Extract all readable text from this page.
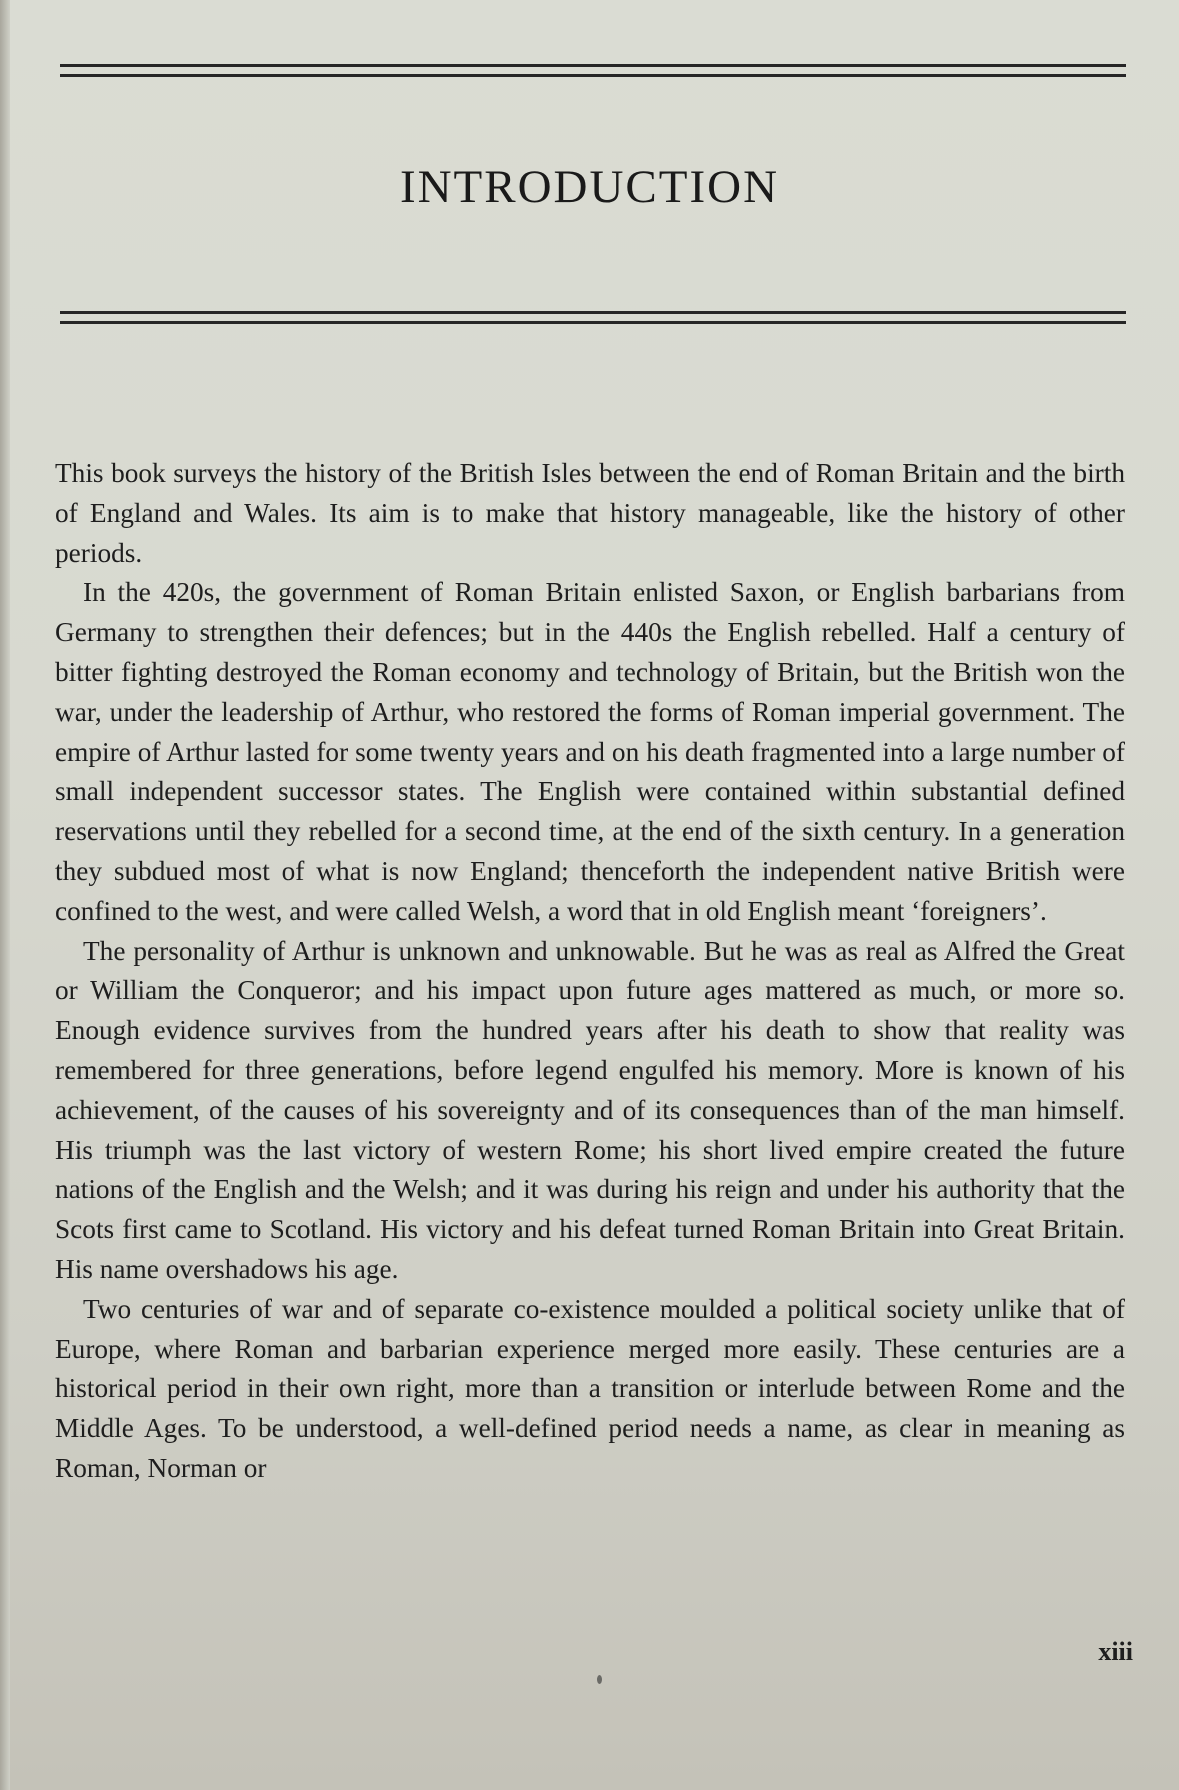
INTRODUCTION

This book surveys the history of the British Isles between the end of Roman Britain and the birth of England and Wales. Its aim is to make that history manageable, like the history of other periods.

In the 420s, the government of Roman Britain enlisted Saxon, or English barbarians from Germany to strengthen their defences; but in the 440s the English rebelled. Half a century of bitter fighting destroyed the Roman economy and technology of Britain, but the British won the war, under the leadership of Arthur, who restored the forms of Roman imperial government. The empire of Arthur lasted for some twenty years and on his death fragmented into a large number of small independent successor states. The English were contained within substantial defined reservations until they rebelled for a second time, at the end of the sixth century. In a generation they subdued most of what is now England; thenceforth the independent native British were confined to the west, and were called Welsh, a word that in old English meant ‘foreigners’.

The personality of Arthur is unknown and unknowable. But he was as real as Alfred the Great or William the Conqueror; and his impact upon future ages mattered as much, or more so. Enough evidence survives from the hundred years after his death to show that reality was remembered for three generations, before legend engulfed his memory. More is known of his achievement, of the causes of his sovereignty and of its consequences than of the man himself. His triumph was the last victory of western Rome; his short lived empire created the future nations of the English and the Welsh; and it was during his reign and under his authority that the Scots first came to Scotland. His victory and his defeat turned Roman Britain into Great Britain. His name overshadows his age.

Two centuries of war and of separate co-existence moulded a political society unlike that of Europe, where Roman and barbarian experience merged more easily. These centuries are a historical period in their own right, more than a transition or interlude between Rome and the Middle Ages. To be understood, a well-defined period needs a name, as clear in meaning as Roman, Norman or

xiii
